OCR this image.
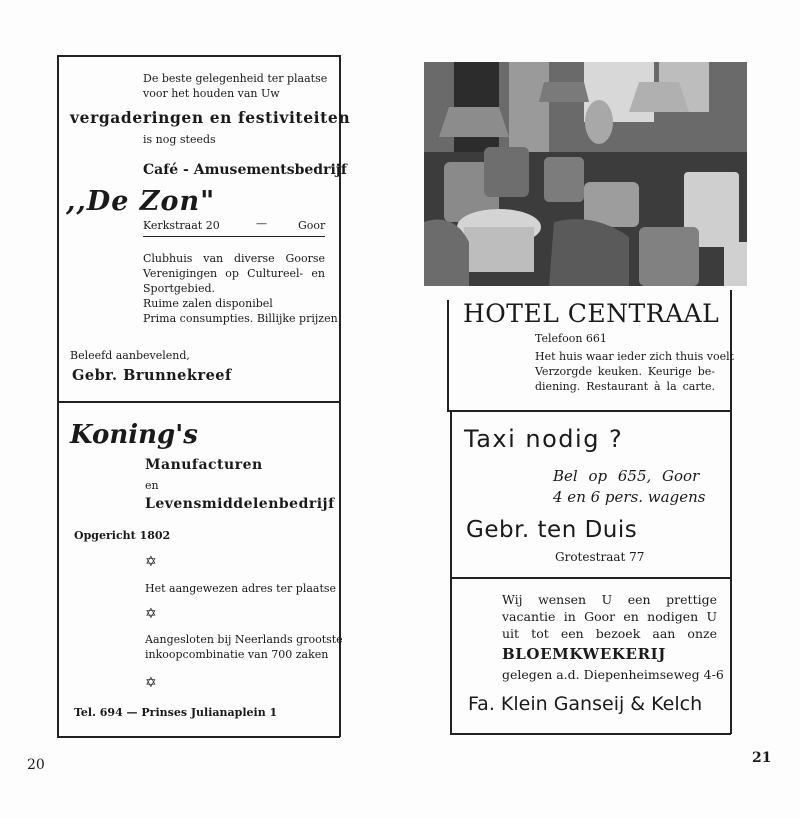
De beste gelegenheid ter plaatse
voor het houden van Uw
vergaderingen en festiviteiten
is nog steeds
Café - Amusementsbedrijf
,,De Zon"
Kerkstraat 20	—	Goor
Clubhuis van diverse Goorse
Verenigingen op Cultureel- en
Sportgebied.
Ruime zalen disponibel
Prima consumpties. Billijke prijzen
Beleefd aanbevelend,
Gebr. Brunnekreef
Koning's
Manufacturen
en
Levensmiddelenbedrijf
Opgericht 1802
✡
Het aangewezen adres ter plaatse
✡
Aangesloten bij Neerlands grootste
inkoopcombinatie van 700 zaken
✡
Tel. 694 — Prinses Julianaplein 1
20
HOTEL CENTRAAL
Telefoon 661
Het huis waar ieder zich thuis voelt
Verzorgde keuken. Keurige be-
diening. Restaurant à la carte.
Taxi nodig ?
Bel op 655, Goor
4 en 6 pers. wagens
Gebr. ten Duis
Grotestraat 77
Wij wensen U een prettige
vacantie in Goor en nodigen U
uit tot een bezoek aan onze
BLOEMKWEKERIJ
gelegen a.d. Diepenheimseweg 4-6
Fa. Klein Ganseij & Kelch
21
